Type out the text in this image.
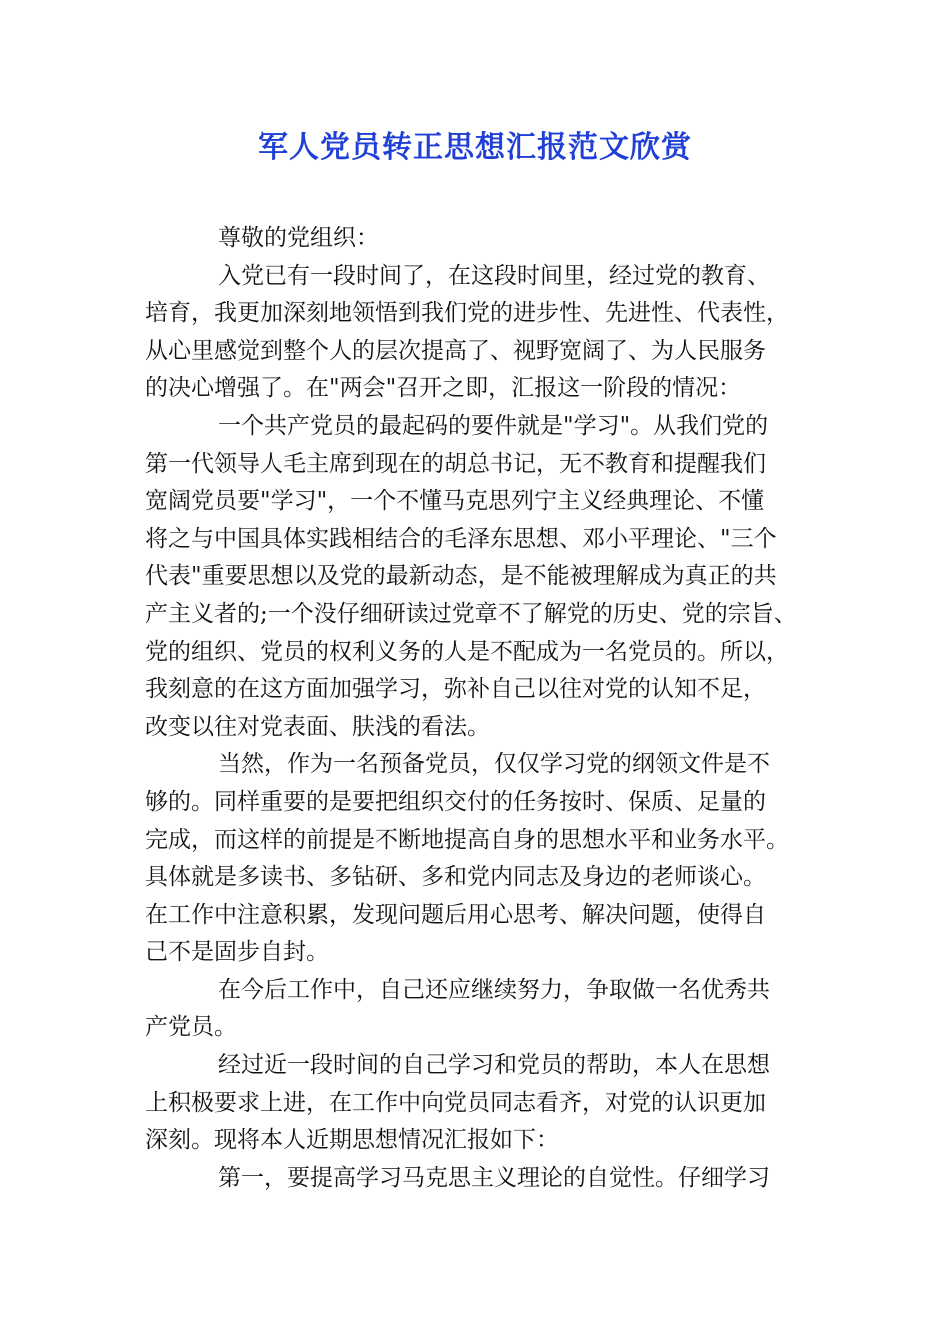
军人党员转正思想汇报范文欣赏
尊敬的党组织：
入党已有一段时间了，在这段时间里，经过党的教育、
培育，我更加深刻地领悟到我们党的进步性、先进性、代表性，
从心里感觉到整个人的层次提高了、视野宽阔了、为人民服务
的决心增强了。在"两会"召开之即，汇报这一阶段的情况：
一个共产党员的最起码的要件就是"学习"。从我们党的
第一代领导人毛主席到现在的胡总书记，无不教育和提醒我们
宽阔党员要"学习"，一个不懂马克思列宁主义经典理论、不懂
将之与中国具体实践相结合的毛泽东思想、邓小平理论、"三个
代表"重要思想以及党的最新动态，是不能被理解成为真正的共
产主义者的;一个没仔细研读过党章不了解党的历史、党的宗旨、
党的组织、党员的权利义务的人是不配成为一名党员的。所以，
我刻意的在这方面加强学习，弥补自己以往对党的认知不足，
改变以往对党表面、肤浅的看法。
当然，作为一名预备党员，仅仅学习党的纲领文件是不
够的。同样重要的是要把组织交付的任务按时、保质、足量的
完成，而这样的前提是不断地提高自身的思想水平和业务水平。
具体就是多读书、多钻研、多和党内同志及身边的老师谈心。
在工作中注意积累，发现问题后用心思考、解决问题，使得自
己不是固步自封。
在今后工作中，自己还应继续努力，争取做一名优秀共
产党员。
经过近一段时间的自己学习和党员的帮助，本人在思想
上积极要求上进，在工作中向党员同志看齐，对党的认识更加
深刻。现将本人近期思想情况汇报如下：
第一，要提高学习马克思主义理论的自觉性。仔细学习
